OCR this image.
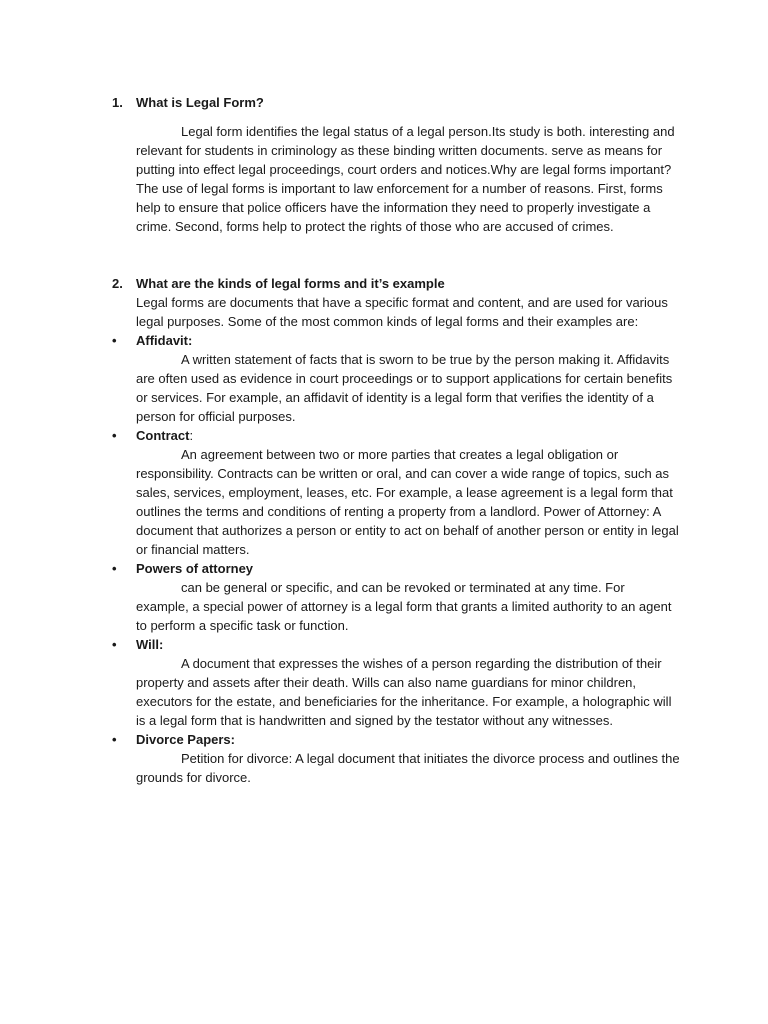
1. What is Legal Form?

Legal form identifies the legal status of a legal person.Its study is both. interesting and relevant for students in criminology as these binding written documents. serve as means for putting into effect legal proceedings, court orders and notices.Why are legal forms important? The use of legal forms is important to law enforcement for a number of reasons. First, forms help to ensure that police officers have the information they need to properly investigate a crime. Second, forms help to protect the rights of those who are accused of crimes.

2. What are the kinds of legal forms and it’s example

Legal forms are documents that have a specific format and content, and are used for various legal purposes. Some of the most common kinds of legal forms and their examples are:

• Affidavit:

A written statement of facts that is sworn to be true by the person making it. Affidavits are often used as evidence in court proceedings or to support applications for certain benefits or services. For example, an affidavit of identity is a legal form that verifies the identity of a person for official purposes.

• Contract:

An agreement between two or more parties that creates a legal obligation or responsibility. Contracts can be written or oral, and can cover a wide range of topics, such as sales, services, employment, leases, etc. For example, a lease agreement is a legal form that outlines the terms and conditions of renting a property from a landlord. Power of Attorney: A document that authorizes a person or entity to act on behalf of another person or entity in legal or financial matters.

• Powers of attorney

can be general or specific, and can be revoked or terminated at any time. For example, a special power of attorney is a legal form that grants a limited authority to an agent to perform a specific task or function.

• Will:

A document that expresses the wishes of a person regarding the distribution of their property and assets after their death. Wills can also name guardians for minor children, executors for the estate, and beneficiaries for the inheritance. For example, a holographic will is a legal form that is handwritten and signed by the testator without any witnesses.

• Divorce Papers:

Petition for divorce: A legal document that initiates the divorce process and outlines the grounds for divorce.
